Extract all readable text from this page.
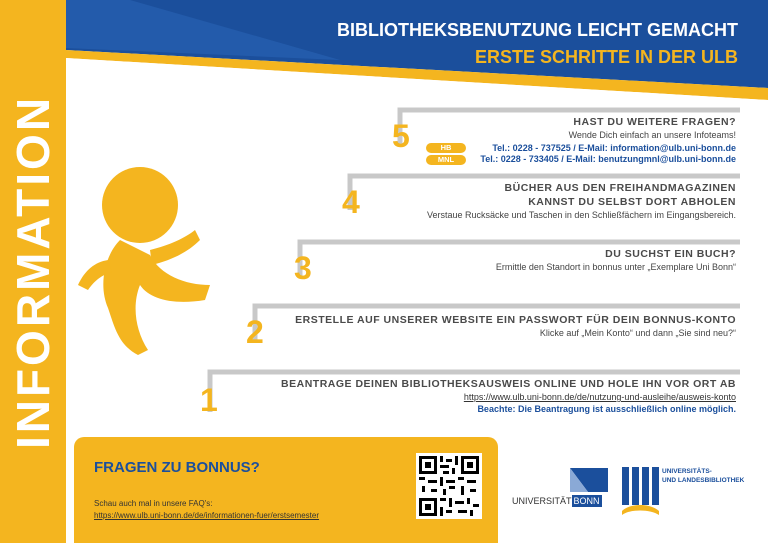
INFORMATION
BIBLIOTHEKSBENUTZUNG LEICHT GEMACHT
ERSTE SCHRITTE IN DER ULB
1
2
3
4
5	HAST DU WEITERE FRAGEN?
Wende Dich einfach an unsere Infoteams!
Tel.: 0228 - 737525 / E-Mail: information@ulb.uni-bonn.de
Tel.: 0228 - 733405 / E-Mail: benutzungmnl@ulb.uni-bonn.de
HB
MNL
BÜCHER AUS DEN FREIHANDMAGAZINEN
KANNST DU SELBST DORT ABHOLEN
Verstaue Rucksäcke und Taschen in den Schließfächern im Eingangsbereich.
DU SUCHST EIN BUCH?
Ermittle den Standort in bonnus unter „Exemplare Uni Bonn“
ERSTELLE AUF UNSERER WEBSITE EIN PASSWORT FÜR DEIN BONNUS-KONTO
Klicke auf „Mein Konto“ und dann „Sie sind neu?“
BEANTRAGE DEINEN BIBLIOTHEKSAUSWEIS ONLINE UND HOLE IHN VOR ORT AB
https://www.ulb.uni-bonn.de/de/nutzung-und-ausleihe/ausweis-konto
Beachte: Die Beantragung ist ausschließlich online möglich.
FRAGEN ZU BONNUS?
Schau auch mal in unsere FAQ's:
https://www.ulb.uni-bonn.de/de/informationen-fuer/erstsemester
UNIVERSITÄT BONN
UNIVERSITÄTS-
UND LANDESBIBLIOTHEK
